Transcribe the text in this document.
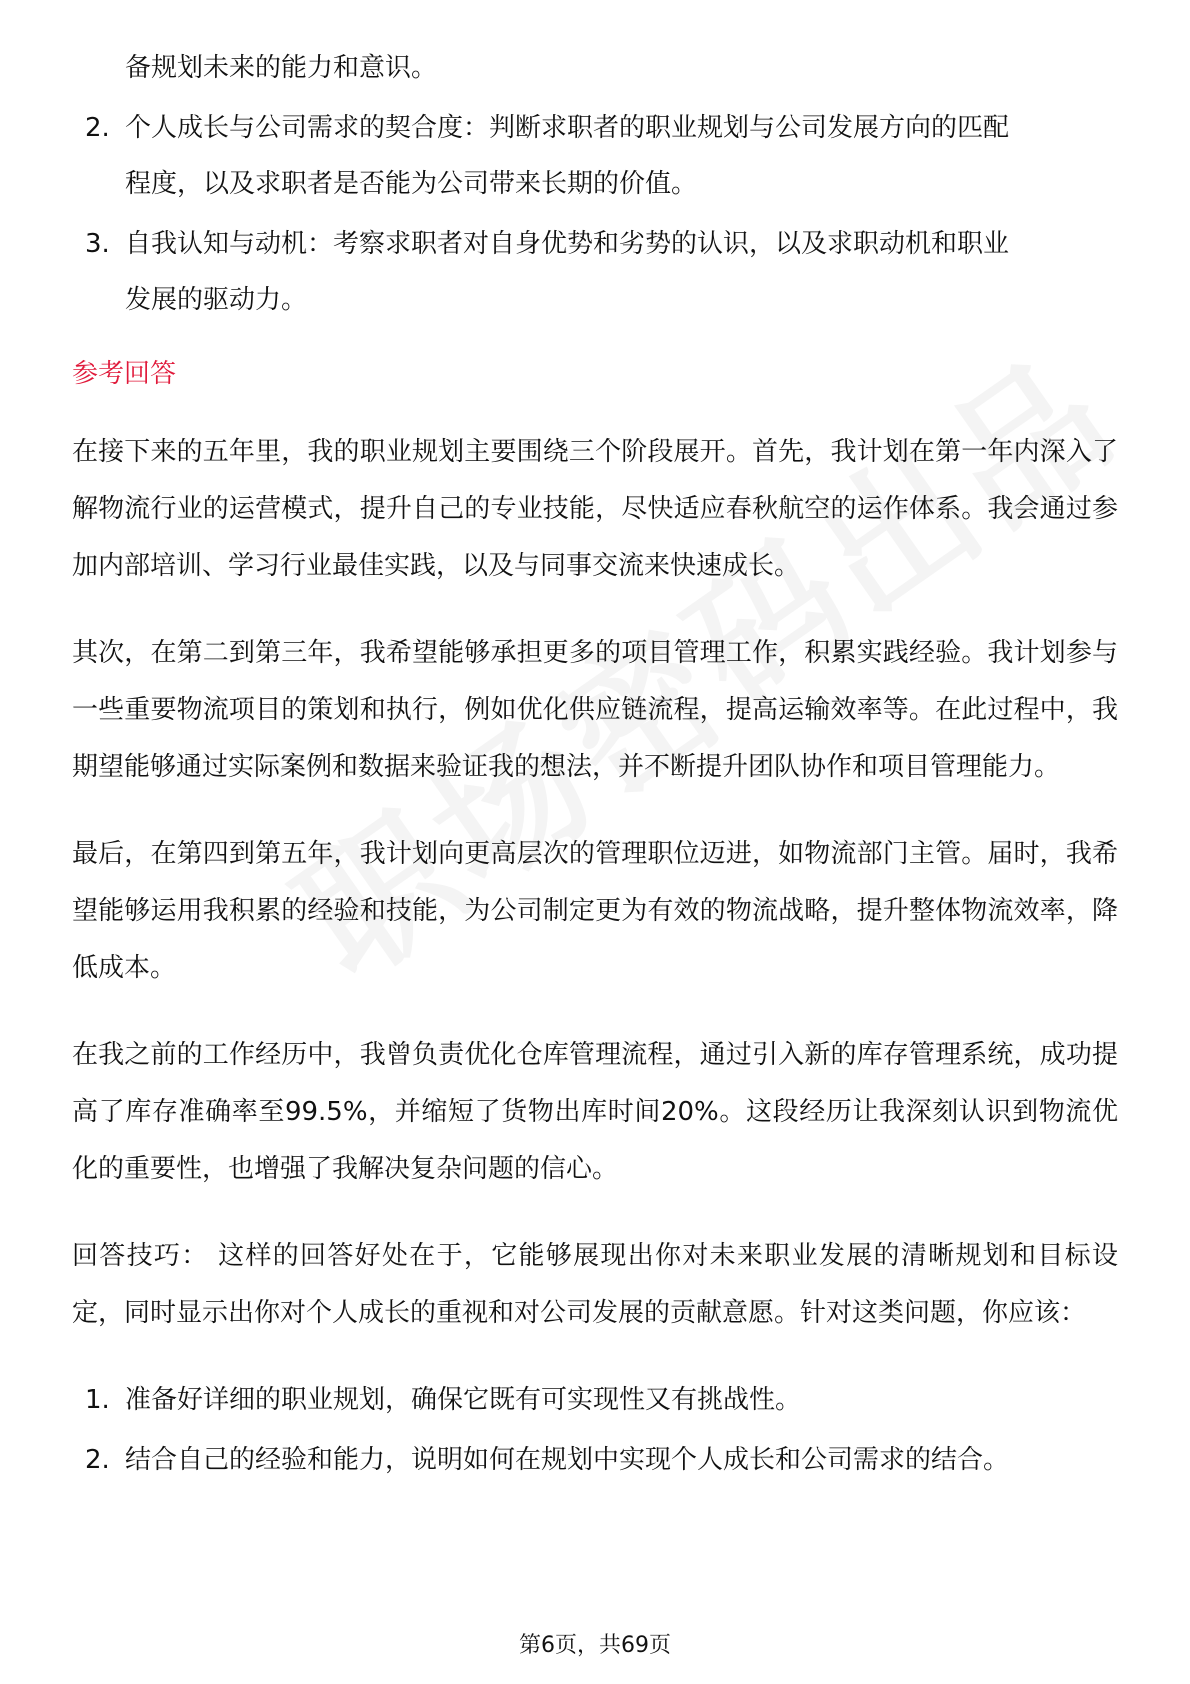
备规划未来的能力和意识。
2. 个人成长与公司需求的契合度：判断求职者的职业规划与公司发展方向的匹配
程度，以及求职者是否能为公司带来长期的价值。
3. 自我认知与动机：考察求职者对自身优势和劣势的认识，以及求职动机和职业
发展的驱动力。
参考回答

在接下来的五年里，我的职业规划主要围绕三个阶段展开。首先，我计划在第一年内深入了解物流行业的运营模式，提升自己的专业技能，尽快适应春秋航空的运作体系。我会通过参加内部培训、学习行业最佳实践，以及与同事交流来快速成长。

其次，在第二到第三年，我希望能够承担更多的项目管理工作，积累实践经验。我计划参与一些重要物流项目的策划和执行，例如优化供应链流程，提高运输效率等。在此过程中，我期望能够通过实际案例和数据来验证我的想法，并不断提升团队协作和项目管理能力。

最后，在第四到第五年，我计划向更高层次的管理职位迈进，如物流部门主管。届时，我希望能够运用我积累的经验和技能，为公司制定更为有效的物流战略，提升整体物流效率，降低成本。

在我之前的工作经历中，我曾负责优化仓库管理流程，通过引入新的库存管理系统，成功提高了库存准确率至99.5%，并缩短了货物出库时间20%。这段经历让我深刻认识到物流优化的重要性，也增强了我解决复杂问题的信心。

回答技巧： 这样的回答好处在于，它能够展现出你对未来职业发展的清晰规划和目标设定，同时显示出你对个人成长的重视和对公司发展的贡献意愿。针对这类问题，你应该：

1. 准备好详细的职业规划，确保它既有可实现性又有挑战性。
2. 结合自己的经验和能力，说明如何在规划中实现个人成长和公司需求的结合。
第6页，共69页
